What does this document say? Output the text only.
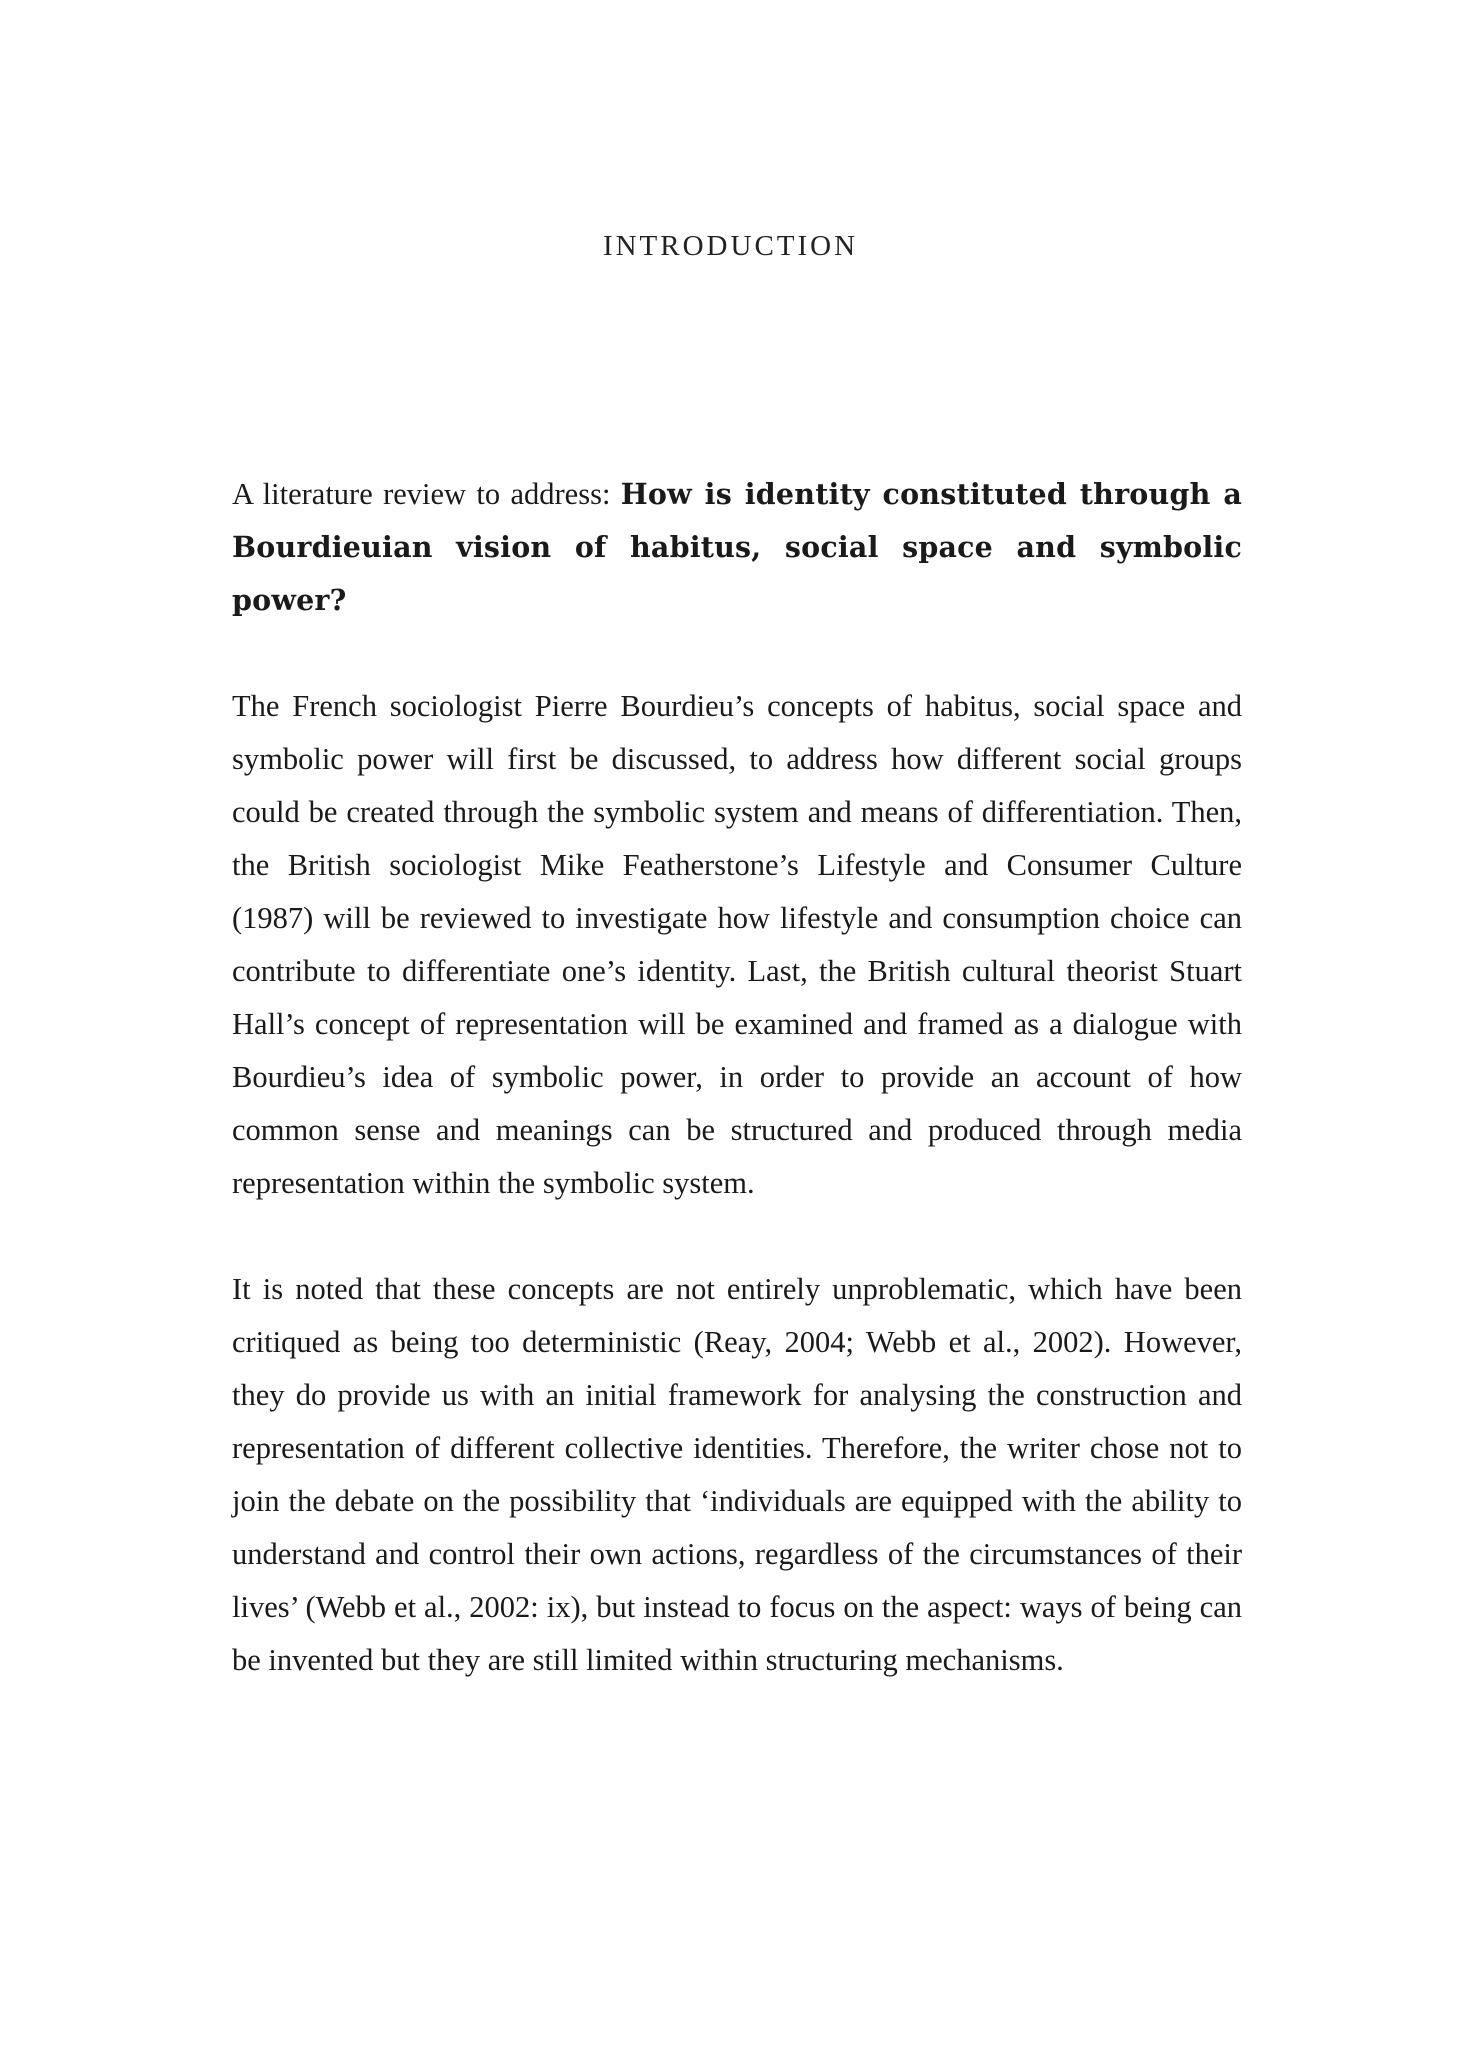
INTRODUCTION

A literature review to address: How is identity constituted through a Bourdieuian vision of habitus, social space and symbolic power?

The French sociologist Pierre Bourdieu’s concepts of habitus, social space and symbolic power will first be discussed, to address how different social groups could be created through the symbolic system and means of differentiation. Then, the British sociologist Mike Featherstone’s Lifestyle and Consumer Culture (1987) will be reviewed to investigate how lifestyle and consumption choice can contribute to differentiate one’s identity. Last, the British cultural theorist Stuart Hall’s concept of representation will be examined and framed as a dialogue with Bourdieu’s idea of symbolic power, in order to provide an account of how common sense and meanings can be structured and produced through media representation within the symbolic system.

It is noted that these concepts are not entirely unproblematic, which have been critiqued as being too deterministic (Reay, 2004; Webb et al., 2002). However, they do provide us with an initial framework for analysing the construction and representation of different collective identities. Therefore, the writer chose not to join the debate on the possibility that ‘individuals are equipped with the ability to understand and control their own actions, regardless of the circumstances of their lives’ (Webb et al., 2002: ix), but instead to focus on the aspect: ways of being can be invented but they are still limited within structuring mechanisms.
